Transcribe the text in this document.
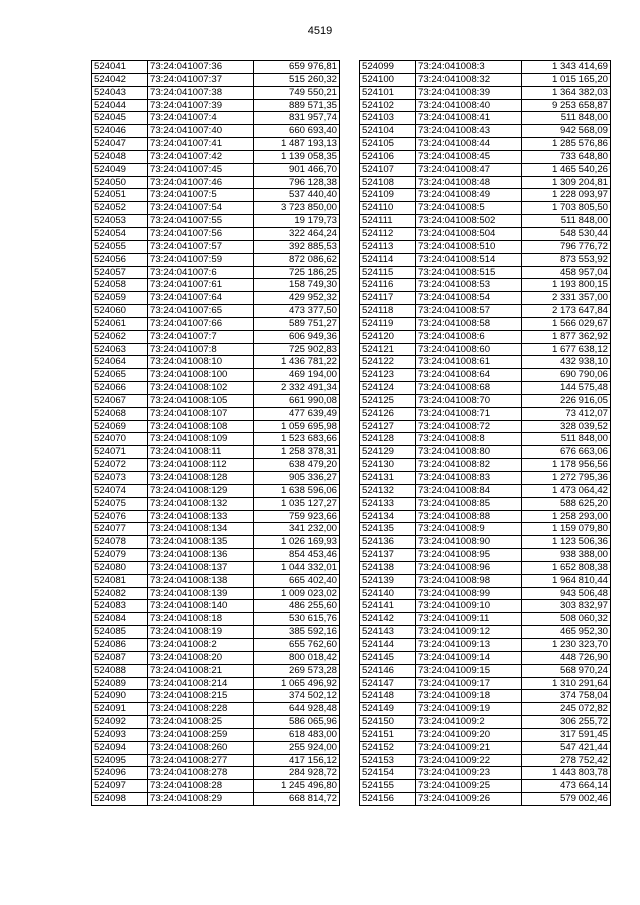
4519
524041	73:24:041007:36	659 976,81
524042	73:24:041007:37	515 260,32
524043	73:24:041007:38	749 550,21
524044	73:24:041007:39	889 571,35
524045	73:24:041007:4	831 957,74
524046	73:24:041007:40	660 693,40
524047	73:24:041007:41	1 487 193,13
524048	73:24:041007:42	1 139 058,35
524049	73:24:041007:45	901 466,70
524050	73:24:041007:46	796 128,38
524051	73:24:041007:5	537 440,40
524052	73:24:041007:54	3 723 850,00
524053	73:24:041007:55	19 179,73
524054	73:24:041007:56	322 464,24
524055	73:24:041007:57	392 885,53
524056	73:24:041007:59	872 086,62
524057	73:24:041007:6	725 186,25
524058	73:24:041007:61	158 749,30
524059	73:24:041007:64	429 952,32
524060	73:24:041007:65	473 377,50
524061	73:24:041007:66	589 751,27
524062	73:24:041007:7	606 949,36
524063	73:24:041007:8	725 902,83
524064	73:24:041008:10	1 436 781,22
524065	73:24:041008:100	469 194,00
524066	73:24:041008:102	2 332 491,34
524067	73:24:041008:105	661 990,08
524068	73:24:041008:107	477 639,49
524069	73:24:041008:108	1 059 695,98
524070	73:24:041008:109	1 523 683,66
524071	73:24:041008:11	1 258 378,31
524072	73:24:041008:112	638 479,20
524073	73:24:041008:128	905 336,27
524074	73:24:041008:129	1 638 596,06
524075	73:24:041008:132	1 035 127,27
524076	73:24:041008:133	759 923,66
524077	73:24:041008:134	341 232,00
524078	73:24:041008:135	1 026 169,93
524079	73:24:041008:136	854 453,46
524080	73:24:041008:137	1 044 332,01
524081	73:24:041008:138	665 402,40
524082	73:24:041008:139	1 009 023,02
524083	73:24:041008:140	486 255,60
524084	73:24:041008:18	530 615,76
524085	73:24:041008:19	385 592,16
524086	73:24:041008:2	655 762,60
524087	73:24:041008:20	800 018,42
524088	73:24:041008:21	269 573,28
524089	73:24:041008:214	1 065 496,92
524090	73:24:041008:215	374 502,12
524091	73:24:041008:228	644 928,48
524092	73:24:041008:25	586 065,96
524093	73:24:041008:259	618 483,00
524094	73:24:041008:260	255 924,00
524095	73:24:041008:277	417 156,12
524096	73:24:041008:278	284 928,72
524097	73:24:041008:28	1 245 496,80
524098	73:24:041008:29	668 814,72
524099	73:24:041008:3	1 343 414,69
524100	73:24:041008:32	1 015 165,20
524101	73:24:041008:39	1 364 382,03
524102	73:24:041008:40	9 253 658,87
524103	73:24:041008:41	511 848,00
524104	73:24:041008:43	942 568,09
524105	73:24:041008:44	1 285 576,86
524106	73:24:041008:45	733 648,80
524107	73:24:041008:47	1 465 540,26
524108	73:24:041008:48	1 309 204,81
524109	73:24:041008:49	1 228 093,97
524110	73:24:041008:5	1 703 805,50
524111	73:24:041008:502	511 848,00
524112	73:24:041008:504	548 530,44
524113	73:24:041008:510	796 776,72
524114	73:24:041008:514	873 553,92
524115	73:24:041008:515	458 957,04
524116	73:24:041008:53	1 193 800,15
524117	73:24:041008:54	2 331 357,00
524118	73:24:041008:57	2 173 647,84
524119	73:24:041008:58	1 566 029,67
524120	73:24:041008:6	1 877 362,92
524121	73:24:041008:60	1 677 638,12
524122	73:24:041008:61	432 938,10
524123	73:24:041008:64	690 790,06
524124	73:24:041008:68	144 575,48
524125	73:24:041008:70	226 916,05
524126	73:24:041008:71	73 412,07
524127	73:24:041008:72	328 039,52
524128	73:24:041008:8	511 848,00
524129	73:24:041008:80	676 663,06
524130	73:24:041008:82	1 178 956,56
524131	73:24:041008:83	1 272 795,36
524132	73:24:041008:84	1 473 064,42
524133	73:24:041008:85	588 625,20
524134	73:24:041008:88	1 258 293,00
524135	73:24:041008:9	1 159 079,80
524136	73:24:041008:90	1 123 506,36
524137	73:24:041008:95	938 388,00
524138	73:24:041008:96	1 652 808,38
524139	73:24:041008:98	1 964 810,44
524140	73:24:041008:99	943 506,48
524141	73:24:041009:10	303 832,97
524142	73:24:041009:11	508 060,32
524143	73:24:041009:12	465 952,30
524144	73:24:041009:13	1 230 323,70
524145	73:24:041009:14	448 726,90
524146	73:24:041009:15	568 970,24
524147	73:24:041009:17	1 310 291,64
524148	73:24:041009:18	374 758,04
524149	73:24:041009:19	245 072,82
524150	73:24:041009:2	306 255,72
524151	73:24:041009:20	317 591,45
524152	73:24:041009:21	547 421,44
524153	73:24:041009:22	278 752,42
524154	73:24:041009:23	1 443 803,78
524155	73:24:041009:25	473 664,14
524156	73:24:041009:26	579 002,46
